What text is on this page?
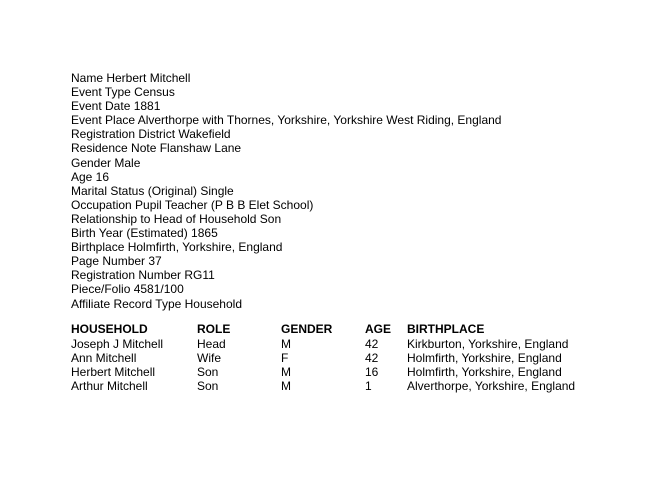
Name Herbert Mitchell
Event Type Census
Event Date 1881
Event Place Alverthorpe with Thornes, Yorkshire, Yorkshire West Riding, England
Registration District Wakefield
Residence Note Flanshaw Lane
Gender Male
Age 16
Marital Status (Original) Single
Occupation Pupil Teacher (P B B Elet School)
Relationship to Head of Household Son
Birth Year (Estimated) 1865
Birthplace Holmfirth, Yorkshire, England
Page Number 37
Registration Number RG11
Piece/Folio 4581/100
Affiliate Record Type Household
HOUSEHOLD	ROLE	GENDER	AGE	BIRTHPLACE
Joseph J Mitchell	Head	M	42	Kirkburton, Yorkshire, England
Ann Mitchell	Wife	F	42	Holmfirth, Yorkshire, England
Herbert Mitchell	Son	M	16	Holmfirth, Yorkshire, England
Arthur Mitchell	Son	M	1	Alverthorpe, Yorkshire, England
